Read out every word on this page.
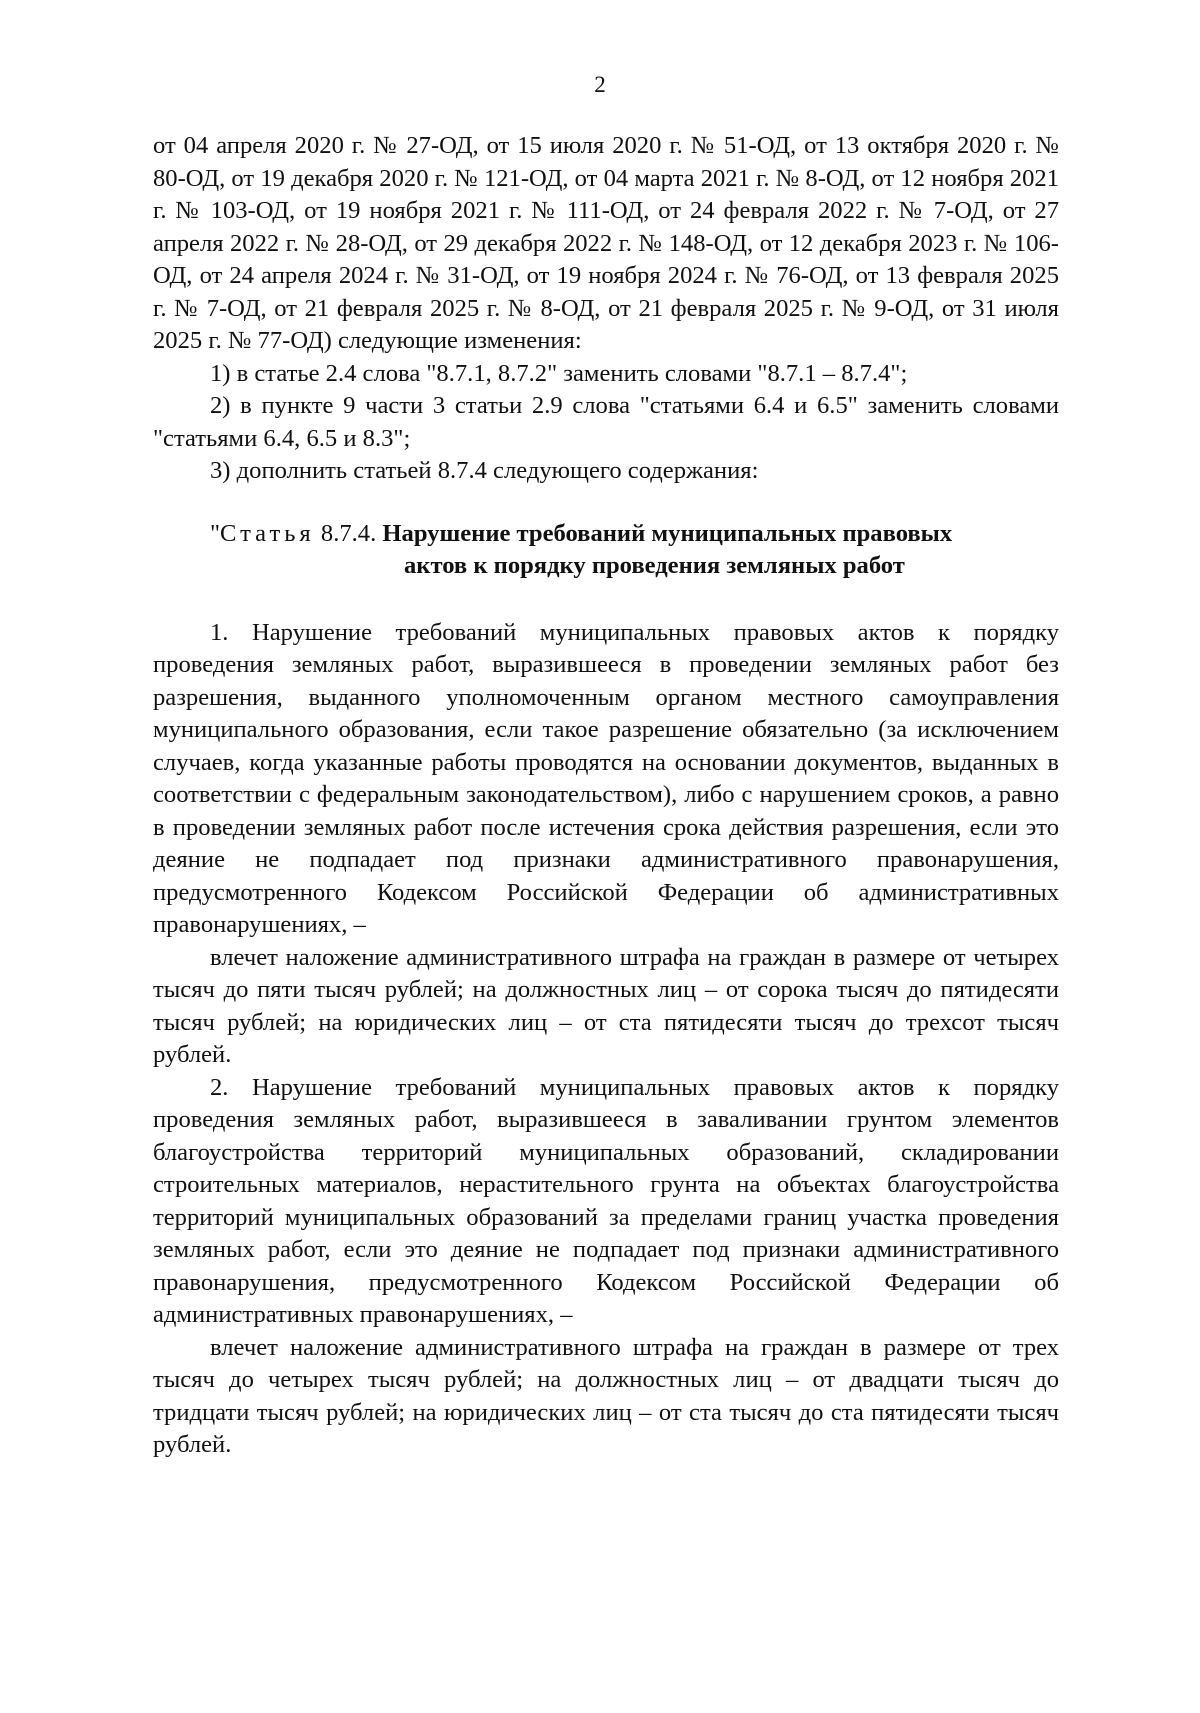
2

от 04 апреля 2020 г. № 27-ОД, от 15 июля 2020 г. № 51-ОД, от 13 октября 2020 г. № 80-ОД, от 19 декабря 2020 г. № 121-ОД, от 04 марта 2021 г. № 8-ОД, от 12 ноября 2021 г. № 103-ОД, от 19 ноября 2021 г. № 111-ОД, от 24 февраля 2022 г. № 7-ОД, от 27 апреля 2022 г. № 28-ОД, от 29 декабря 2022 г. № 148-ОД, от 12 декабря 2023 г. № 106-ОД, от 24 апреля 2024 г. № 31-ОД, от 19 ноября 2024 г. № 76-ОД, от 13 февраля 2025 г. № 7-ОД, от 21 февраля 2025 г. № 8-ОД, от 21 февраля 2025 г. № 9-ОД, от 31 июля 2025 г. № 77-ОД) следующие изменения:

1) в статье 2.4 слова "8.7.1, 8.7.2" заменить словами "8.7.1 – 8.7.4";

2) в пункте 9 части 3 статьи 2.9 слова "статьями 6.4 и 6.5" заменить словами "статьями 6.4, 6.5 и 8.3";

3) дополнить статьей 8.7.4 следующего содержания:

"Статья 8.7.4. Нарушение требований муниципальных правовых
актов к порядку проведения земляных работ

1. Нарушение требований муниципальных правовых актов к порядку проведения земляных работ, выразившееся в проведении земляных работ без разрешения, выданного уполномоченным органом местного самоуправления муниципального образования, если такое разрешение обязательно (за исключением случаев, когда указанные работы проводятся на основании документов, выданных в соответствии с федеральным законодательством), либо с нарушением сроков, а равно в проведении земляных работ после истечения срока действия разрешения, если это деяние не подпадает под признаки административного правонарушения, предусмотренного Кодексом Российской Федерации об административных правонарушениях, –

влечет наложение административного штрафа на граждан в размере от четырех тысяч до пяти тысяч рублей; на должностных лиц – от сорока тысяч до пятидесяти тысяч рублей; на юридических лиц – от ста пятидесяти тысяч до трехсот тысяч рублей.

2. Нарушение требований муниципальных правовых актов к порядку проведения земляных работ, выразившееся в заваливании грунтом элементов благоустройства территорий муниципальных образований, складировании строительных материалов, нерастительного грунта на объектах благоустройства территорий муниципальных образований за пределами границ участка проведения земляных работ, если это деяние не подпадает под признаки административного правонарушения, предусмотренного Кодексом Российской Федерации об административных правонарушениях, –

влечет наложение административного штрафа на граждан в размере от трех тысяч до четырех тысяч рублей; на должностных лиц – от двадцати тысяч до тридцати тысяч рублей; на юридических лиц – от ста тысяч до ста пятидесяти тысяч рублей.
